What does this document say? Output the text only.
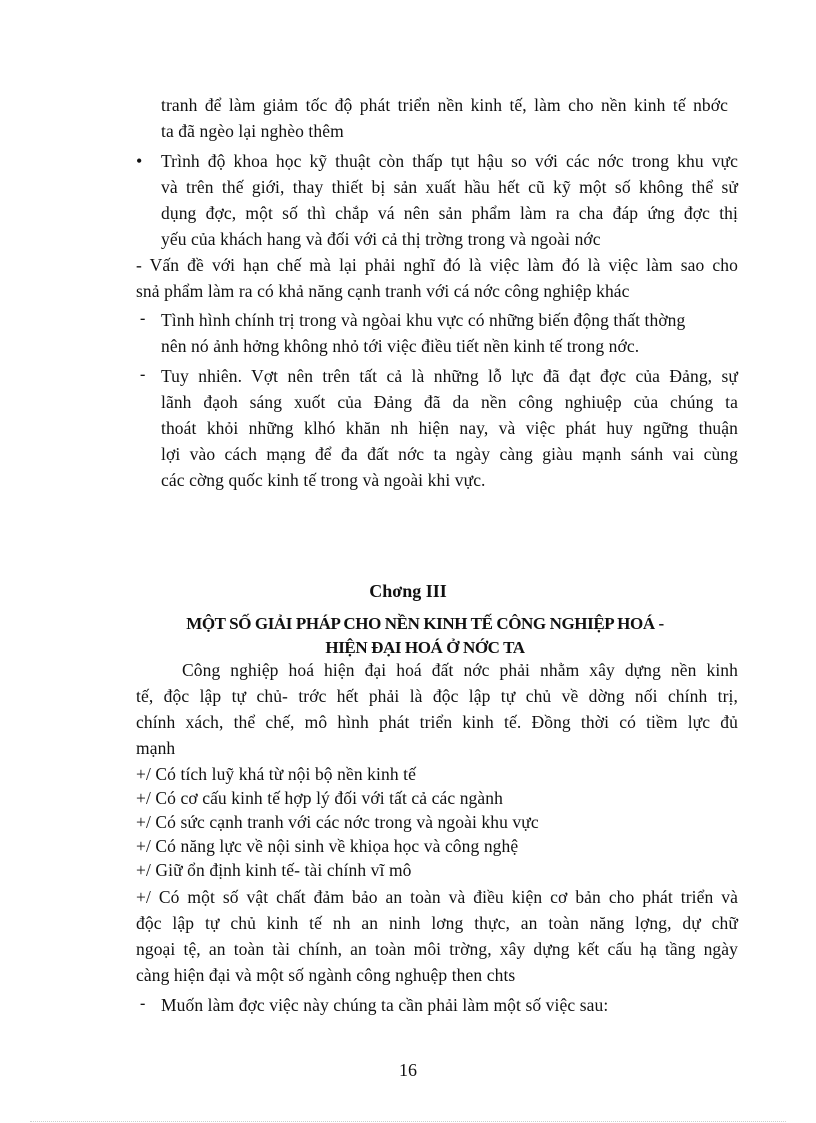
tranh để làm giảm tốc độ phát triển nền kinh tế, làm cho nền kinh tế nbớc
ta đã ngèo lại nghèo thêm
• Trình độ khoa học kỹ thuật còn thấp tụt hậu so với các nớc trong khu vực
và trên thế giới, thay thiết bị sản xuất hầu hết cũ kỹ một số không thể sử
dụng đợc, một số thì chắp vá nên sản phẩm làm ra cha đáp ứng đợc thị
yếu của khách hang và đối với cả thị trờng trong và ngoài nớc
- Vấn đề với hạn chế mà lại phải nghĩ đó là việc làm đó là việc làm sao cho
snả phẩm làm ra có khả năng cạnh tranh với cá nớc công nghiệp khác
- Tình hình chính trị trong và ngòai khu vực có những biến động thất thờng
nên nó ảnh hởng không nhỏ tới việc điều tiết nền kinh tế trong nớc.
- Tuy nhiên. Vợt nên trên tất cả là những lỗ lực đã đạt đợc của Đảng, sự
lãnh đạoh sáng xuốt của Đảng đã da nền công nghiuệp của chúng ta
thoát khỏi những klhó khăn nh hiện nay, và việc phát huy ngững thuận
lợi vào cách mạng để đa đất nớc ta ngày càng giàu mạnh sánh vai cùng
các cờng quốc kinh tế trong và ngoài khi vực.
Chơng III
MỘT SỐ GIẢI PHÁP CHO NỀN KINH TẾ CÔNG NGHIỆP HOÁ -
HIỆN ĐẠI HOÁ Ở NỚC TA
Công nghiệp hoá hiện đại hoá đất nớc phải nhằm xây dựng nền kinh
tế, độc lập tự chủ- trớc hết phải là độc lập tự chủ về dờng nối chính trị,
chính xách, thể chế, mô hình phát triển kinh tế. Đồng thời có tiềm lực đủ
mạnh
+/ Có tích luỹ khá từ nội bộ nền kinh tế
+/ Có cơ cấu kinh tế hợp lý đối với tất cả các ngành
+/ Có sức cạnh tranh với các nớc trong và ngoài khu vực
+/ Có năng lực về nội sinh về khiọa học và công nghệ
+/ Giữ ổn định kinh tế- tài chính vĩ mô
+/ Có một số vật chất đảm bảo an toàn và điều kiện cơ bản cho phát triển và
độc lập tự chủ kinh tế nh an ninh lơng thực, an toàn năng lợng, dự chữ
ngoại tệ, an toàn tài chính, an toàn môi trờng, xây dựng kết cấu hạ tầng ngày
càng hiện đại và một số ngành công nghuệp then chts
- Muốn làm đợc việc này chúng ta cần phải làm một số việc sau:
16
